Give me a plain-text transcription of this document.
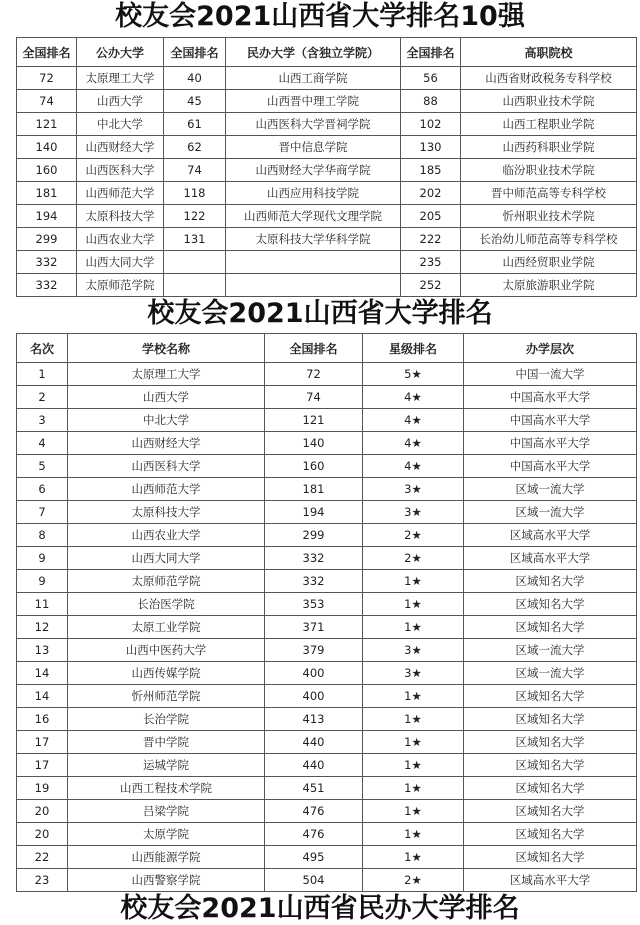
校友会2021山西省大学排名10强
全国排名	公办大学	全国排名	民办大学（含独立学院）	全国排名	高职院校
72	太原理工大学	40	山西工商学院	56	山西省财政税务专科学校
74	山西大学	45	山西晋中理工学院	88	山西职业技术学院
121	中北大学	61	山西医科大学晋祠学院	102	山西工程职业学院
140	山西财经大学	62	晋中信息学院	130	山西药科职业学院
160	山西医科大学	74	山西财经大学华商学院	185	临汾职业技术学院
181	山西师范大学	118	山西应用科技学院	202	晋中师范高等专科学校
194	太原科技大学	122	山西师范大学现代文理学院	205	忻州职业技术学院
299	山西农业大学	131	太原科技大学华科学院	222	长治幼儿师范高等专科学校
332	山西大同大学			235	山西经贸职业学院
332	太原师范学院			252	太原旅游职业学院
校友会2021山西省大学排名
名次	学校名称	全国排名	星级排名	办学层次
1	太原理工大学	72	5★	中国一流大学
2	山西大学	74	4★	中国高水平大学
3	中北大学	121	4★	中国高水平大学
4	山西财经大学	140	4★	中国高水平大学
5	山西医科大学	160	4★	中国高水平大学
6	山西师范大学	181	3★	区域一流大学
7	太原科技大学	194	3★	区域一流大学
8	山西农业大学	299	2★	区域高水平大学
9	山西大同大学	332	2★	区域高水平大学
9	太原师范学院	332	1★	区域知名大学
11	长治医学院	353	1★	区域知名大学
12	太原工业学院	371	1★	区域知名大学
13	山西中医药大学	379	3★	区域一流大学
14	山西传媒学院	400	3★	区域一流大学
14	忻州师范学院	400	1★	区域知名大学
16	长治学院	413	1★	区域知名大学
17	晋中学院	440	1★	区域知名大学
17	运城学院	440	1★	区域知名大学
19	山西工程技术学院	451	1★	区域知名大学
20	吕梁学院	476	1★	区域知名大学
20	太原学院	476	1★	区域知名大学
22	山西能源学院	495	1★	区域知名大学
23	山西警察学院	504	2★	区域高水平大学
校友会2021山西省民办大学排名
